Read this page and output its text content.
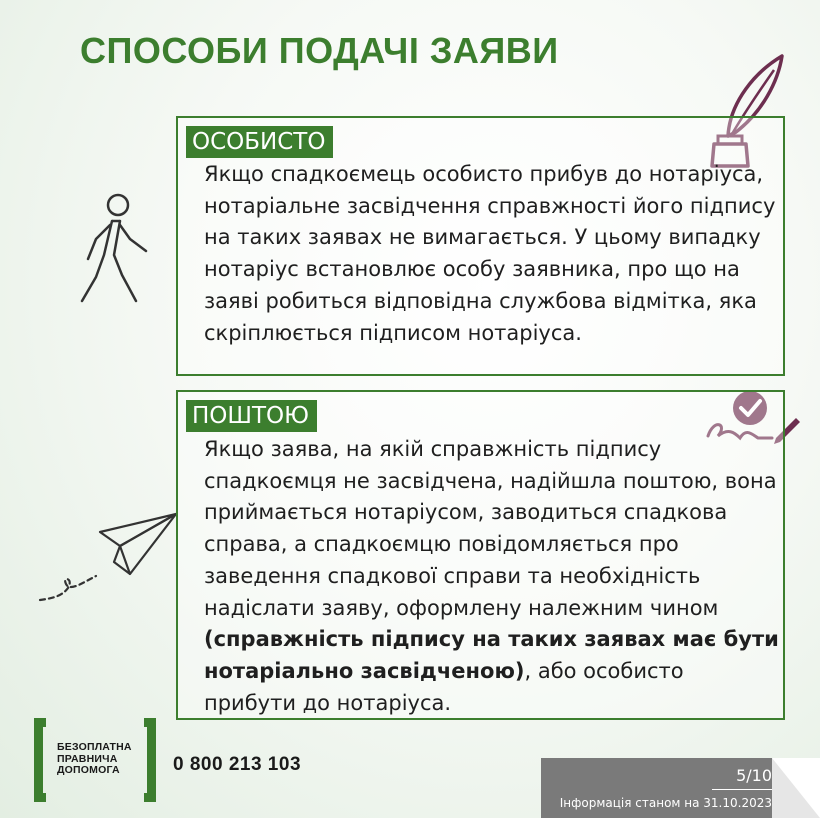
СПОСОБИ ПОДАЧІ ЗАЯВИ
ОСОБИСТО
Якщо спадкоємець особисто прибув до нотаріуса, нотаріальне засвідчення справжності його підпису на таких заявах не вимагається. У цьому випадку нотаріус встановлює особу заявника, про що на заяві робиться відповідна службова відмітка, яка скріплюється підписом нотаріуса.
ПОШТОЮ
Якщо заява, на якій справжність підпису спадкоємця не засвідчена, надійшла поштою, вона приймається нотаріусом, заводиться спадкова справа, а спадкоємцю повідомляється про заведення спадкової справи та необхідність надіслати заяву, оформлену належним чином (справжність підпису на таких заявах має бути нотаріально засвідченою), або особисто прибути до нотаріуса.
БЕЗОПЛАТНА
ПРАВНИЧА
ДОПОМОГА	0 800 213 103
5/10
Інформація станом на 31.10.2023
